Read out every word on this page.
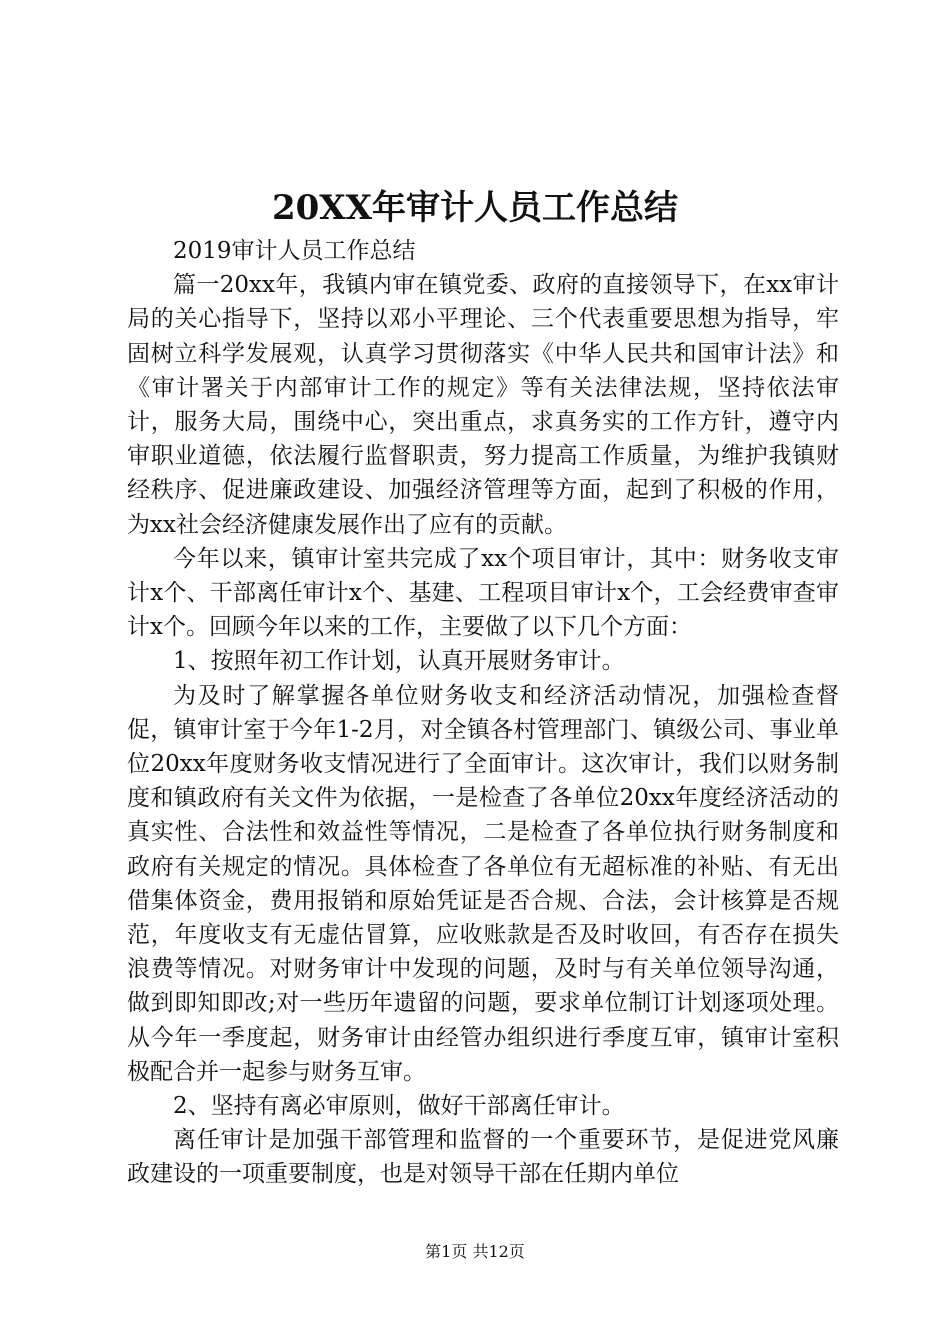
20XX年审计人员工作总结

2019审计人员工作总结

篇一20xx年，我镇内审在镇党委、政府的直接领导下，在xx审计局的关心指导下，坚持以邓小平理论、三个代表重要思想为指导，牢固树立科学发展观，认真学习贯彻落实《中华人民共和国审计法》和《审计署关于内部审计工作的规定》等有关法律法规，坚持依法审计，服务大局，围绕中心，突出重点，求真务实的工作方针，遵守内审职业道德，依法履行监督职责，努力提高工作质量，为维护我镇财经秩序、促进廉政建设、加强经济管理等方面，起到了积极的作用，为xx社会经济健康发展作出了应有的贡献。

今年以来，镇审计室共完成了xx个项目审计，其中：财务收支审计x个、干部离任审计x个、基建、工程项目审计x个，工会经费审查审计x个。回顾今年以来的工作，主要做了以下几个方面：

1、按照年初工作计划，认真开展财务审计。

为及时了解掌握各单位财务收支和经济活动情况，加强检查督促，镇审计室于今年1-2月，对全镇各村管理部门、镇级公司、事业单位20xx年度财务收支情况进行了全面审计。这次审计，我们以财务制度和镇政府有关文件为依据，一是检查了各单位20xx年度经济活动的真实性、合法性和效益性等情况，二是检查了各单位执行财务制度和政府有关规定的情况。具体检查了各单位有无超标准的补贴、有无出借集体资金，费用报销和原始凭证是否合规、合法，会计核算是否规范，年度收支有无虚估冒算，应收账款是否及时收回，有否存在损失浪费等情况。对财务审计中发现的问题，及时与有关单位领导沟通，做到即知即改;对一些历年遗留的问题，要求单位制订计划逐项处理。从今年一季度起，财务审计由经管办组织进行季度互审，镇审计室积极配合并一起参与财务互审。

2、坚持有离必审原则，做好干部离任审计。

离任审计是加强干部管理和监督的一个重要环节，是促进党风廉政建设的一项重要制度，也是对领导干部在任期内单位

第1页 共12页
